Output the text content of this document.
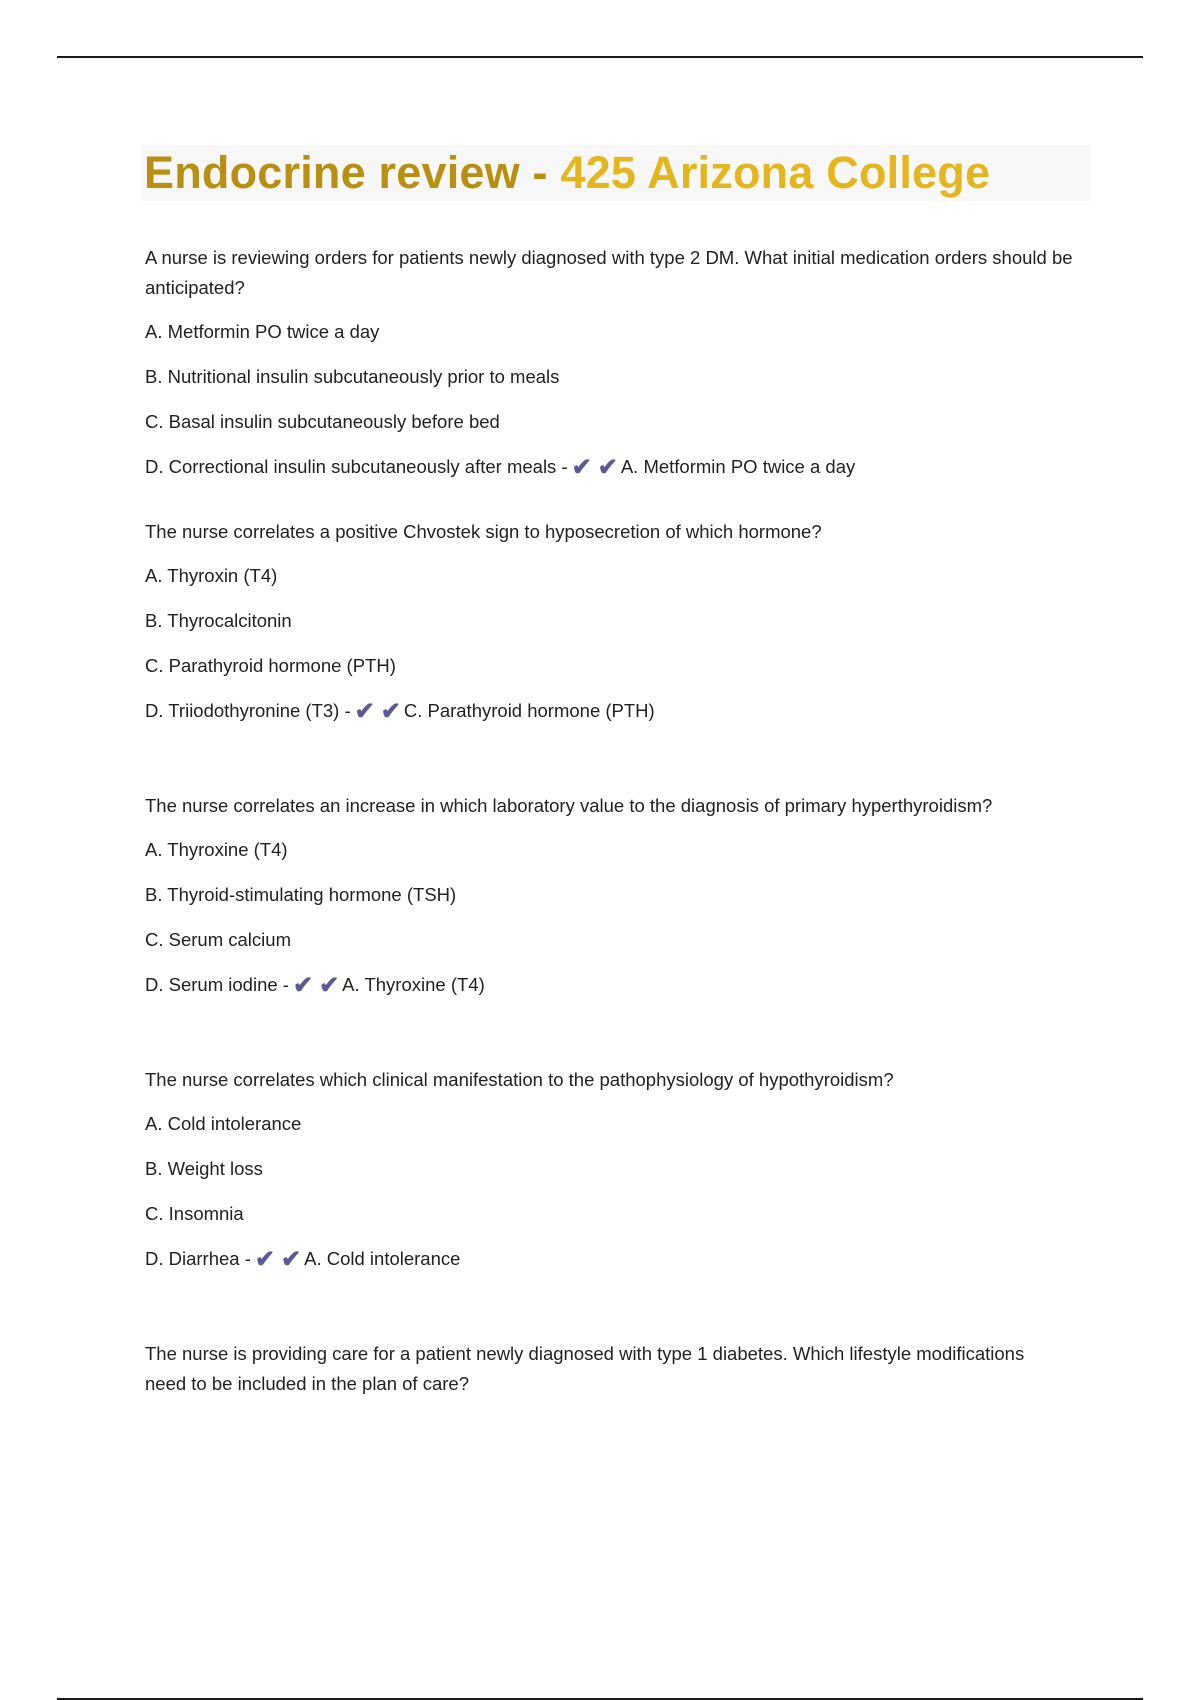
Endocrine review - 425 Arizona College

A nurse is reviewing orders for patients newly diagnosed with type 2 DM. What initial medication orders should be anticipated?

A. Metformin PO twice a day
B. Nutritional insulin subcutaneously prior to meals
C. Basal insulin subcutaneously before bed
D. Correctional insulin subcutaneously after meals - ✔ ✔ A. Metformin PO twice a day

The nurse correlates a positive Chvostek sign to hyposecretion of which hormone?

A. Thyroxin (T4)
B. Thyrocalcitonin
C. Parathyroid hormone (PTH)
D. Triiodothyronine (T3) - ✔ ✔ C. Parathyroid hormone (PTH)

The nurse correlates an increase in which laboratory value to the diagnosis of primary hyperthyroidism?

A. Thyroxine (T4)
B. Thyroid-stimulating hormone (TSH)
C. Serum calcium
D. Serum iodine - ✔ ✔ A. Thyroxine (T4)

The nurse correlates which clinical manifestation to the pathophysiology of hypothyroidism?

A. Cold intolerance
B. Weight loss
C. Insomnia
D. Diarrhea - ✔ ✔ A. Cold intolerance

The nurse is providing care for a patient newly diagnosed with type 1 diabetes. Which lifestyle modifications need to be included in the plan of care?
